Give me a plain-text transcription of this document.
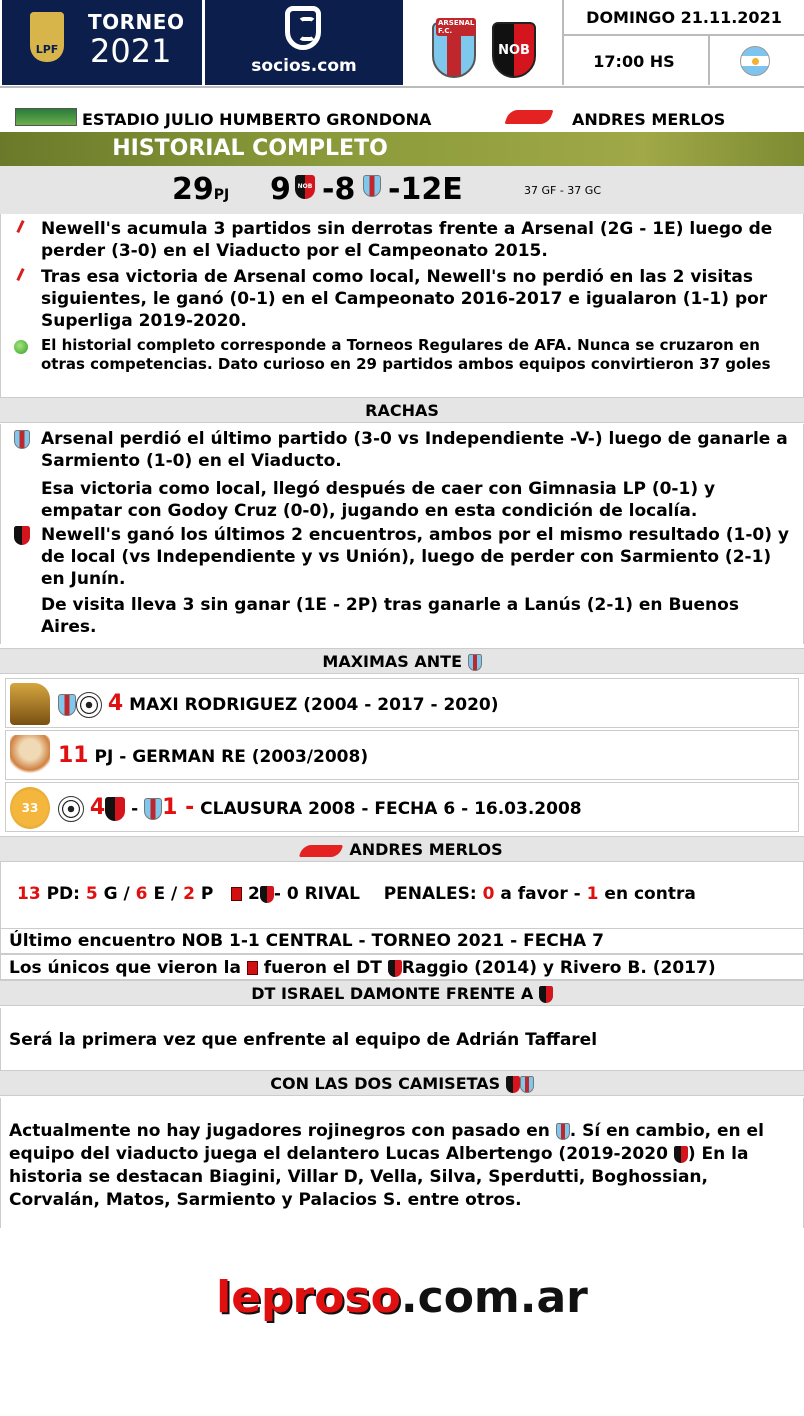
LPF
TORNEO
2021	socios.com
ARSENAL F.C.
NOB
DOMINGO 21.11.2021
17:00 HS
ESTADIO JULIO HUMBERTO GRONDONA	ANDRES MERLOS
HISTORIAL COMPLETO
29PJ 9 -8 -12E	37 GF - 37 GC
NOB
Newell's acumula 3 partidos sin derrotas frente a Arsenal (2G - 1E) luego de perder (3-0) en el Viaducto por el Campeonato 2015.
Tras esa victoria de Arsenal como local, Newell's no perdió en las 2 visitas siguientes, le ganó (0-1) en el Campeonato 2016-2017 e igualaron (1-1) por Superliga 2019-2020.
El historial completo corresponde a Torneos Regulares de AFA. Nunca se cruzaron en otras competencias. Dato curioso en 29 partidos ambos equipos convirtieron 37 goles
RACHAS
Arsenal perdió el último partido (3-0 vs Independiente -V-) luego de ganarle a Sarmiento (1-0) en el Viaducto.
Esa victoria como local, llegó después de caer con Gimnasia LP (0-1) y empatar con Godoy Cruz (0-0), jugando en esta condición de localía.
Newell's ganó los últimos 2 encuentros, ambos por el mismo resultado (1-0) y de local (vs Independiente y vs Unión), luego de perder con Sarmiento (2-1) en Junín.
De visita lleva 3 sin ganar (1E - 2P) tras ganarle a Lanús (2-1) en Buenos Aires.
MAXIMAS ANTE
4 MAXI RODRIGUEZ (2004 - 2017 - 2020)
11 PJ - GERMAN RE (2003/2008)
33	4 - 1 - CLAUSURA 2008 - FECHA 6 - 16.03.2008
ANDRES MERLOS
13 PD: 5 G / 6 E / 2 P 2 - 0 RIVAL PENALES: 0 a favor - 1 en contra
Último encuentro NOB 1-1 CENTRAL - TORNEO 2021 - FECHA 7
Los únicos que vieron la fueron el DT Raggio (2014) y Rivero B. (2017)
DT ISRAEL DAMONTE FRENTE A
Será la primera vez que enfrente al equipo de Adrián Taffarel
CON LAS DOS CAMISETAS
Actualmente no hay jugadores rojinegros con pasado en . Sí en cambio, en el equipo del viaducto juega el delantero Lucas Albertengo (2019-2020 ) En la historia se destacan Biagini, Villar D, Vella, Silva, Sperdutti, Boghossian, Corvalán, Matos, Sarmiento y Palacios S. entre otros.
leproso.com.ar
